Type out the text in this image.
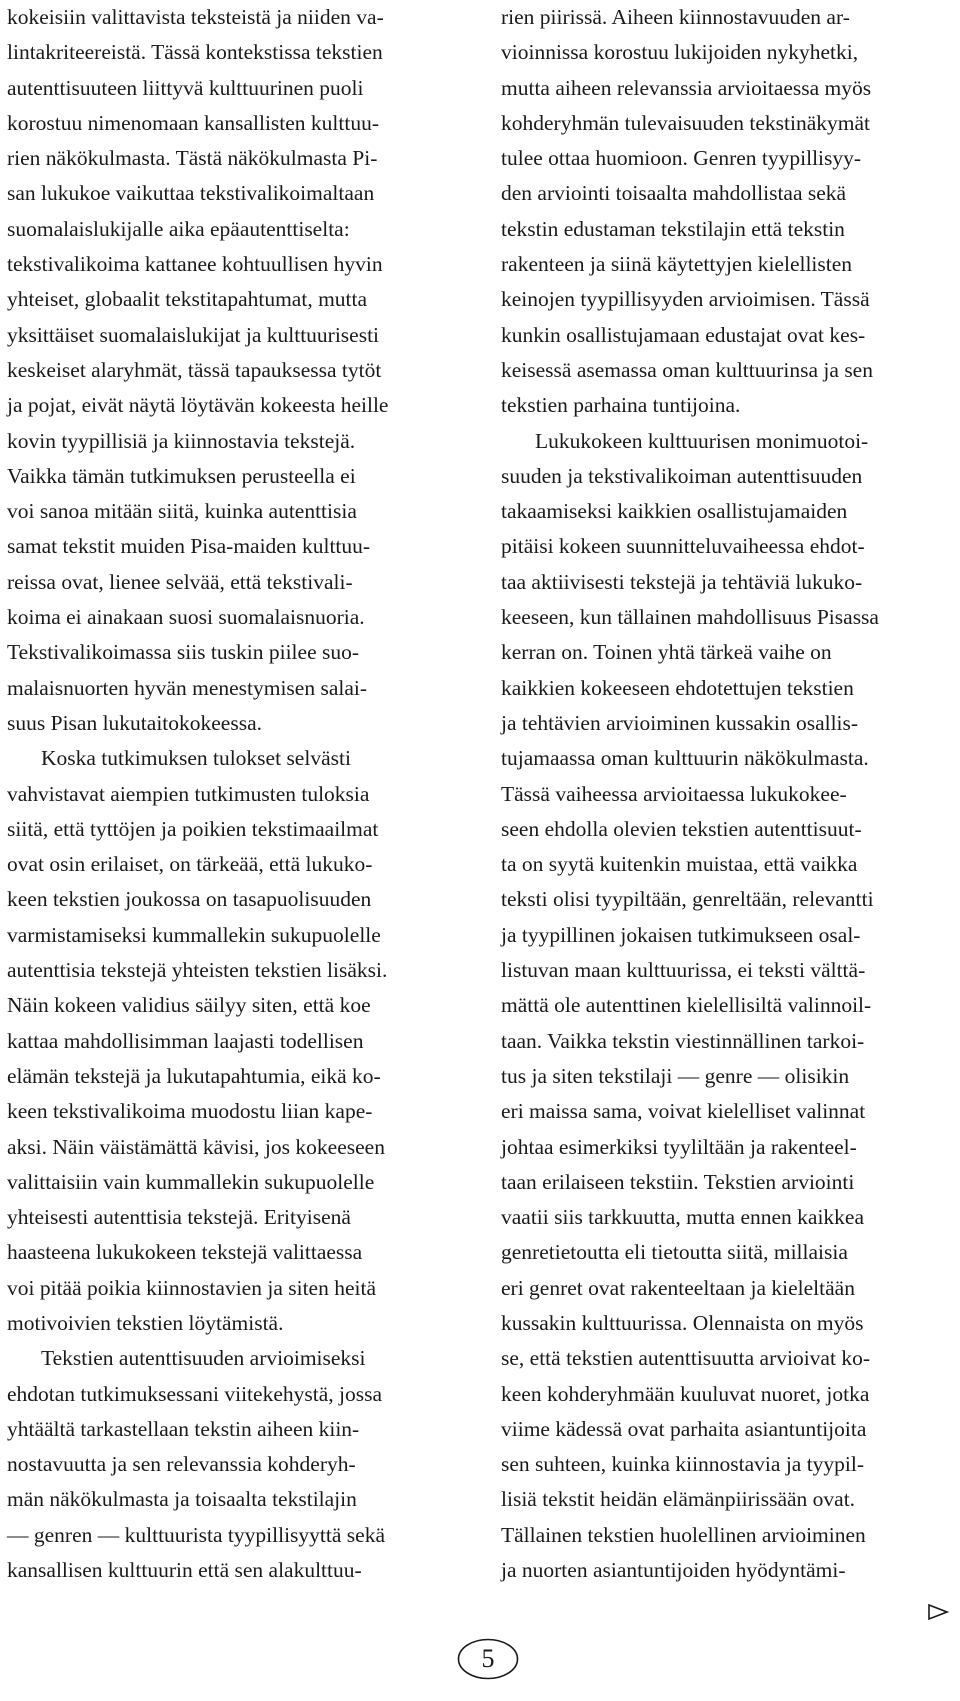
kokeisiin valittavista teksteistä ja niiden va-
lintakriteereistä. Tässä kontekstissa tekstien
autenttisuuteen liittyvä kulttuurinen puoli
korostuu nimenomaan kansallisten kulttuu-
rien näkökulmasta. Tästä näkökulmasta Pi-
san lukukoe vaikuttaa tekstivalikoimaltaan
suomalaislukijalle aika epäautenttiselta:
tekstivalikoima kattanee kohtuullisen hyvin
yhteiset, globaalit tekstitapahtumat, mutta
yksittäiset suomalaislukijat ja kulttuurisesti
keskeiset alaryhmät, tässä tapauksessa tytöt
ja pojat, eivät näytä löytävän kokeesta heille
kovin tyypillisiä ja kiinnostavia tekstejä.
Vaikka tämän tutkimuksen perusteella ei
voi sanoa mitään siitä, kuinka autenttisia
samat tekstit muiden Pisa-maiden kulttuu-
reissa ovat, lienee selvää, että tekstivali-
koima ei ainakaan suosi suomalaisnuoria.
Tekstivalikoimassa siis tuskin piilee suo-
malaisnuorten hyvän menestymisen salai-
suus Pisan lukutaitokokeessa.
Koska tutkimuksen tulokset selvästi
vahvistavat aiempien tutkimusten tuloksia
siitä, että tyttöjen ja poikien tekstimaailmat
ovat osin erilaiset, on tärkeää, että lukuko-
keen tekstien joukossa on tasapuolisuuden
varmistamiseksi kummallekin sukupuolelle
autenttisia tekstejä yhteisten tekstien lisäksi.
Näin kokeen validius säilyy siten, että koe
kattaa mahdollisimman laajasti todellisen
elämän tekstejä ja lukutapahtumia, eikä ko-
keen tekstivalikoima muodostu liian kape-
aksi. Näin väistämättä kävisi, jos kokeeseen
valittaisiin vain kummallekin sukupuolelle
yhteisesti autenttisia tekstejä. Erityisenä
haasteena lukukokeen tekstejä valittaessa
voi pitää poikia kiinnostavien ja siten heitä
motivoivien tekstien löytämistä.
Tekstien autenttisuuden arvioimiseksi
ehdotan tutkimuksessani viitekehystä, jossa
yhtäältä tarkastellaan tekstin aiheen kiin-
nostavuutta ja sen relevanssia kohderyh-
män näkökulmasta ja toisaalta tekstilajin
— genren — kulttuurista tyypillisyyttä sekä
kansallisen kulttuurin että sen alakulttuu-
rien piirissä. Aiheen kiinnostavuuden ar-
vioinnissa korostuu lukijoiden nykyhetki,
mutta aiheen relevanssia arvioitaessa myös
kohderyhmän tulevaisuuden tekstinäkymät
tulee ottaa huomioon. Genren tyypillisyy-
den arviointi toisaalta mahdollistaa sekä
tekstin edustaman tekstilajin että tekstin
rakenteen ja siinä käytettyjen kielellisten
keinojen tyypillisyyden arvioimisen. Tässä
kunkin osallistujamaan edustajat ovat kes-
keisessä asemassa oman kulttuurinsa ja sen
tekstien parhaina tuntijoina.
Lukukokeen kulttuurisen monimuotoi-
suuden ja tekstivalikoiman autenttisuuden
takaamiseksi kaikkien osallistujamaiden
pitäisi kokeen suunnitteluvaiheessa ehdot-
taa aktiivisesti tekstejä ja tehtäviä lukuko-
keeseen, kun tällainen mahdollisuus Pisassa
kerran on. Toinen yhtä tärkeä vaihe on
kaikkien kokeeseen ehdotettujen tekstien
ja tehtävien arvioiminen kussakin osallis-
tujamaassa oman kulttuurin näkökulmasta.
Tässä vaiheessa arvioitaessa lukukokee-
seen ehdolla olevien tekstien autenttisuut-
ta on syytä kuitenkin muistaa, että vaikka
teksti olisi tyypiltään, genreltään, relevantti
ja tyypillinen jokaisen tutkimukseen osal-
listuvan maan kulttuurissa, ei teksti välttä-
mättä ole autenttinen kielellisiltä valinnoil-
taan. Vaikka tekstin viestinnällinen tarkoi-
tus ja siten tekstilaji — genre — olisikin
eri maissa sama, voivat kielelliset valinnat
johtaa esimerkiksi tyyliltään ja rakenteel-
taan erilaiseen tekstiin. Tekstien arviointi
vaatii siis tarkkuutta, mutta ennen kaikkea
genretietoutta eli tietoutta siitä, millaisia
eri genret ovat rakenteeltaan ja kieleltään
kussakin kulttuurissa. Olennaista on myös
se, että tekstien autenttisuutta arvioivat ko-
keen kohderyhmään kuuluvat nuoret, jotka
viime kädessä ovat parhaita asiantuntijoita
sen suhteen, kuinka kiinnostavia ja tyypil-
lisiä tekstit heidän elämänpiirissään ovat.
Tällainen tekstien huolellinen arvioiminen
ja nuorten asiantuntijoiden hyödyntämi-
5
